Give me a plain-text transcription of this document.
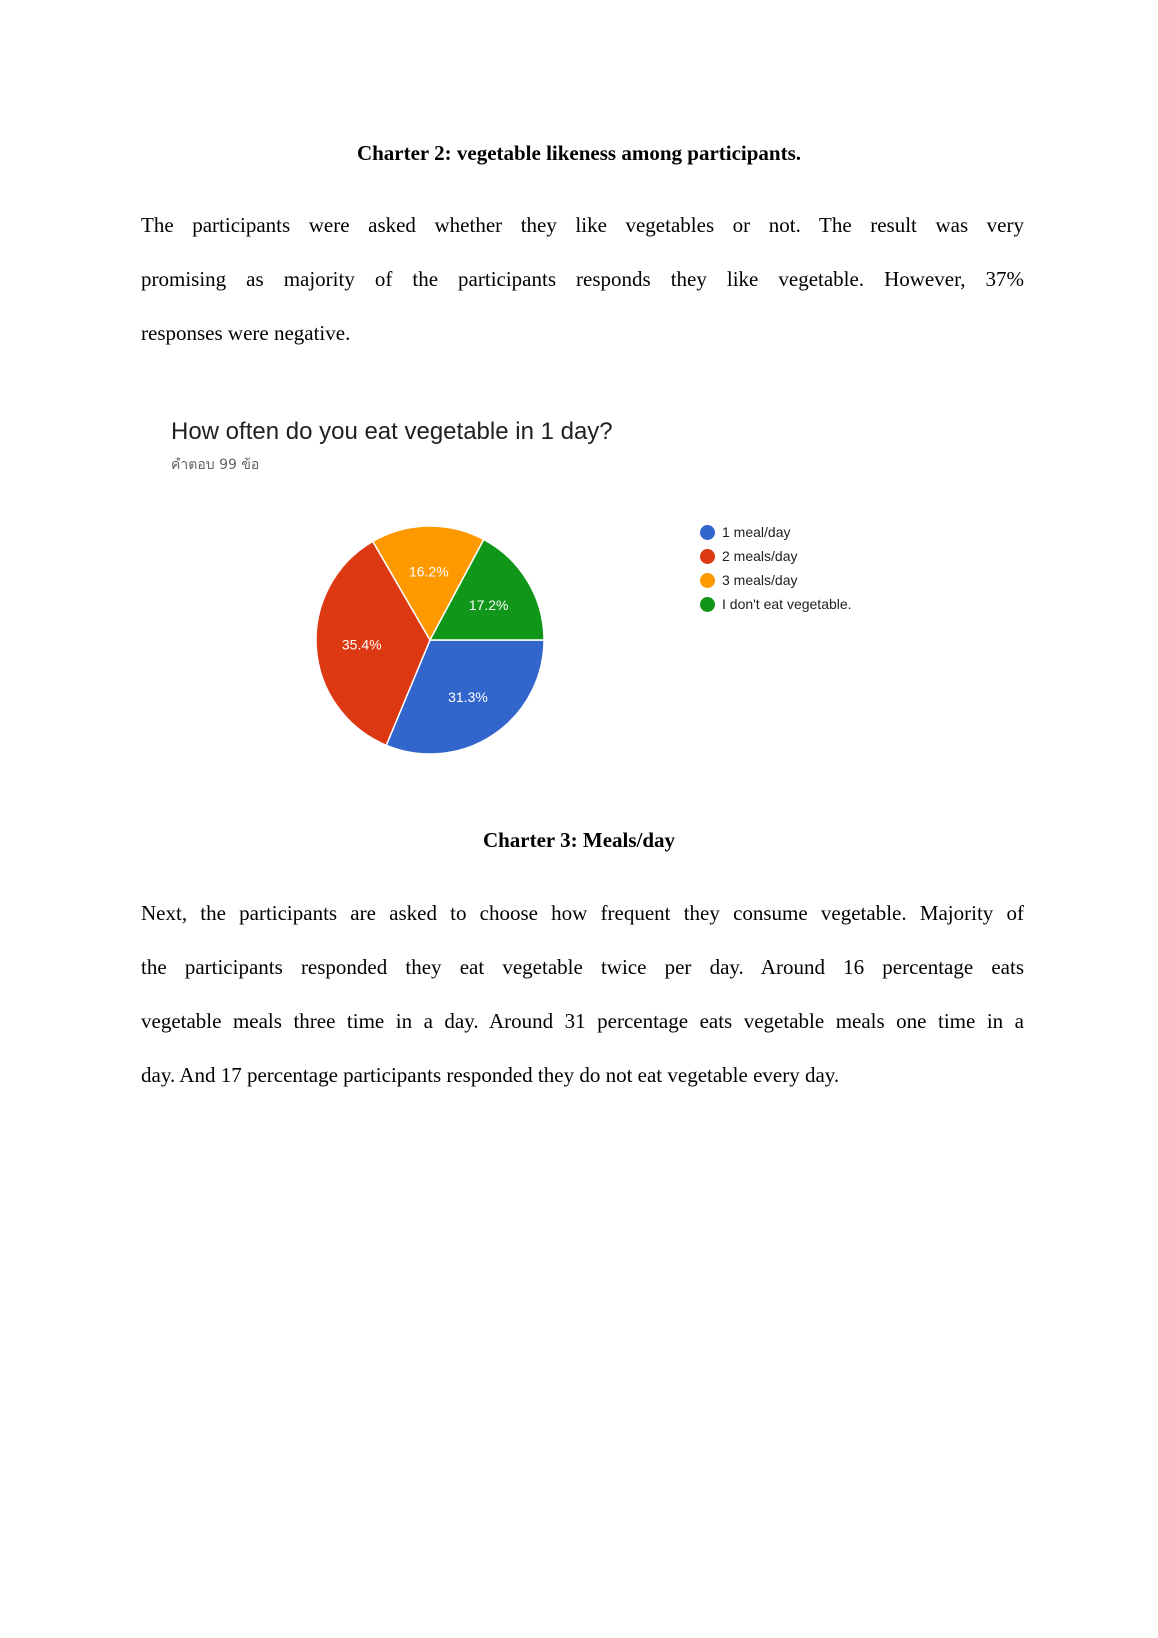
Charter 2: vegetable likeness among participants.
The participants were asked whether they like vegetables or not. The result was very
promising as majority of the participants responds they like vegetable. However, 37%
responses were negative.
How often do you eat vegetable in 1 day?
คำตอบ 99 ข้อ
31.3%
35.4%
16.2%
17.2%
1 meal/day
2 meals/day
3 meals/day
I don't eat vegetable.
Charter 3: Meals/day
Next, the participants are asked to choose how frequent they consume vegetable. Majority of
the participants responded they eat vegetable twice per day. Around 16 percentage eats
vegetable meals three time in a day. Around 31 percentage eats vegetable meals one time in a
day. And 17 percentage participants responded they do not eat vegetable every day.
